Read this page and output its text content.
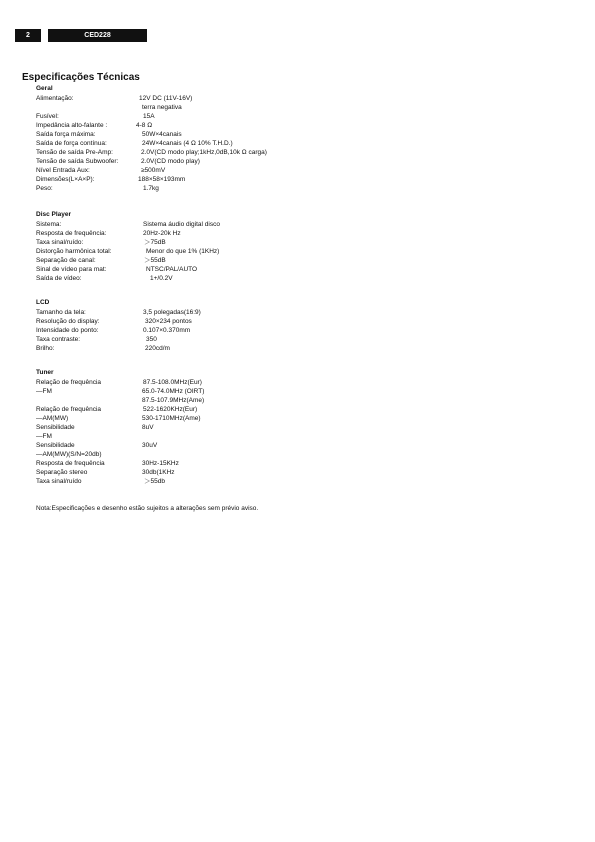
2	CED228
Especificações Técnicas
Geral
Alimentação:	12V DC (11V-16V)
terra negativa
Fusível:	15A
Impedância alto-falante :	4-8 Ω
Saída força máxima:	50W×4canais
Saída de força contínua:	24W×4canais (4 Ω 10% T.H.D.)
Tensão de saída Pre-Amp:	2.0V(CD modo play;1kHz,0dB,10k Ω carga)
Tensão de saída Subwoofer:	2.0V(CD modo play)
Nível Entrada Aux:	≥500mV
Dimensões(L×A×P):	188×58×193mm
Peso:	1.7kg
Disc Player
Sistema:	Sistema áudio digital disco
Resposta de frequência:	20Hz-20k Hz
Taxa sinal/ruído:	＞75dB
Distorção harmônica total:	Menor do que 1% (1KHz)
Separação de canal:	＞55dB
Sinal de vídeo para mat:	NTSC/PAL/AUTO
Saída de vídeo:	1+/0.2V
LCD
Tamanho da tela:	3,5 polegadas(16:9)
Resolução do display:	320×234 pontos
Intensidade do ponto:	0.107×0.370mm
Taxa contraste:	350
Brilho:	220cd/m
Tuner
Relação de frequência	87.5-108.0MHz(Eur)
—FM	65.0-74.0MHz (OIRT)
87.5-107.9MHz(Ame)
Relação de frequência	522-1620KHz(Eur)
—AM(MW)	530-1710MHz(Ame)
Sensibilidade	8uV
—FM
Sensibilidade	30uV
—AM(MW)(S/N=20db)
Resposta de frequência	30Hz-15KHz
Separação stereo	30db(1KHz
Taxa sinal/ruído	＞55db
Nota:Especificações e desenho estão sujeitos a alterações sem prévio aviso.
